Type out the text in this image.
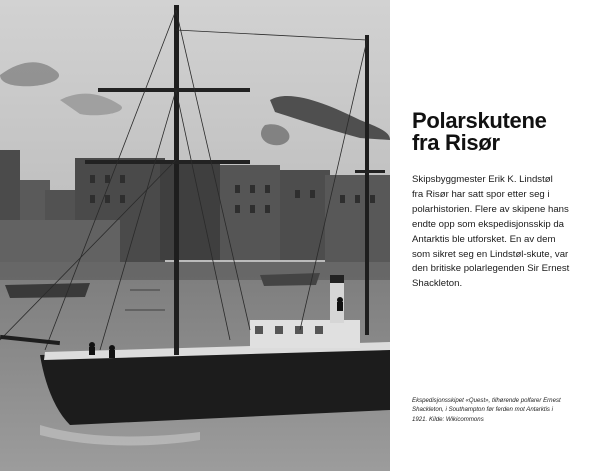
Polarskutene
fra Risør

Skipsbyggmester Erik K. Lindstøl
fra Risør har satt spor etter seg i
polarhistorien. Flere av skipene hans
endte opp som ekspedisjonsskip da
Antarktis ble utforsket. En av dem
som sikret seg en Lindstøl-skute, var
den britiske polarlegenden Sir Ernest
Shackleton.

Ekspedisjonsskipet «Quest», tilhørende polfarer Ernest
Shackleton, i Southampton før ferden mot Antarktis i
1921. Kilde: Wikicommons
